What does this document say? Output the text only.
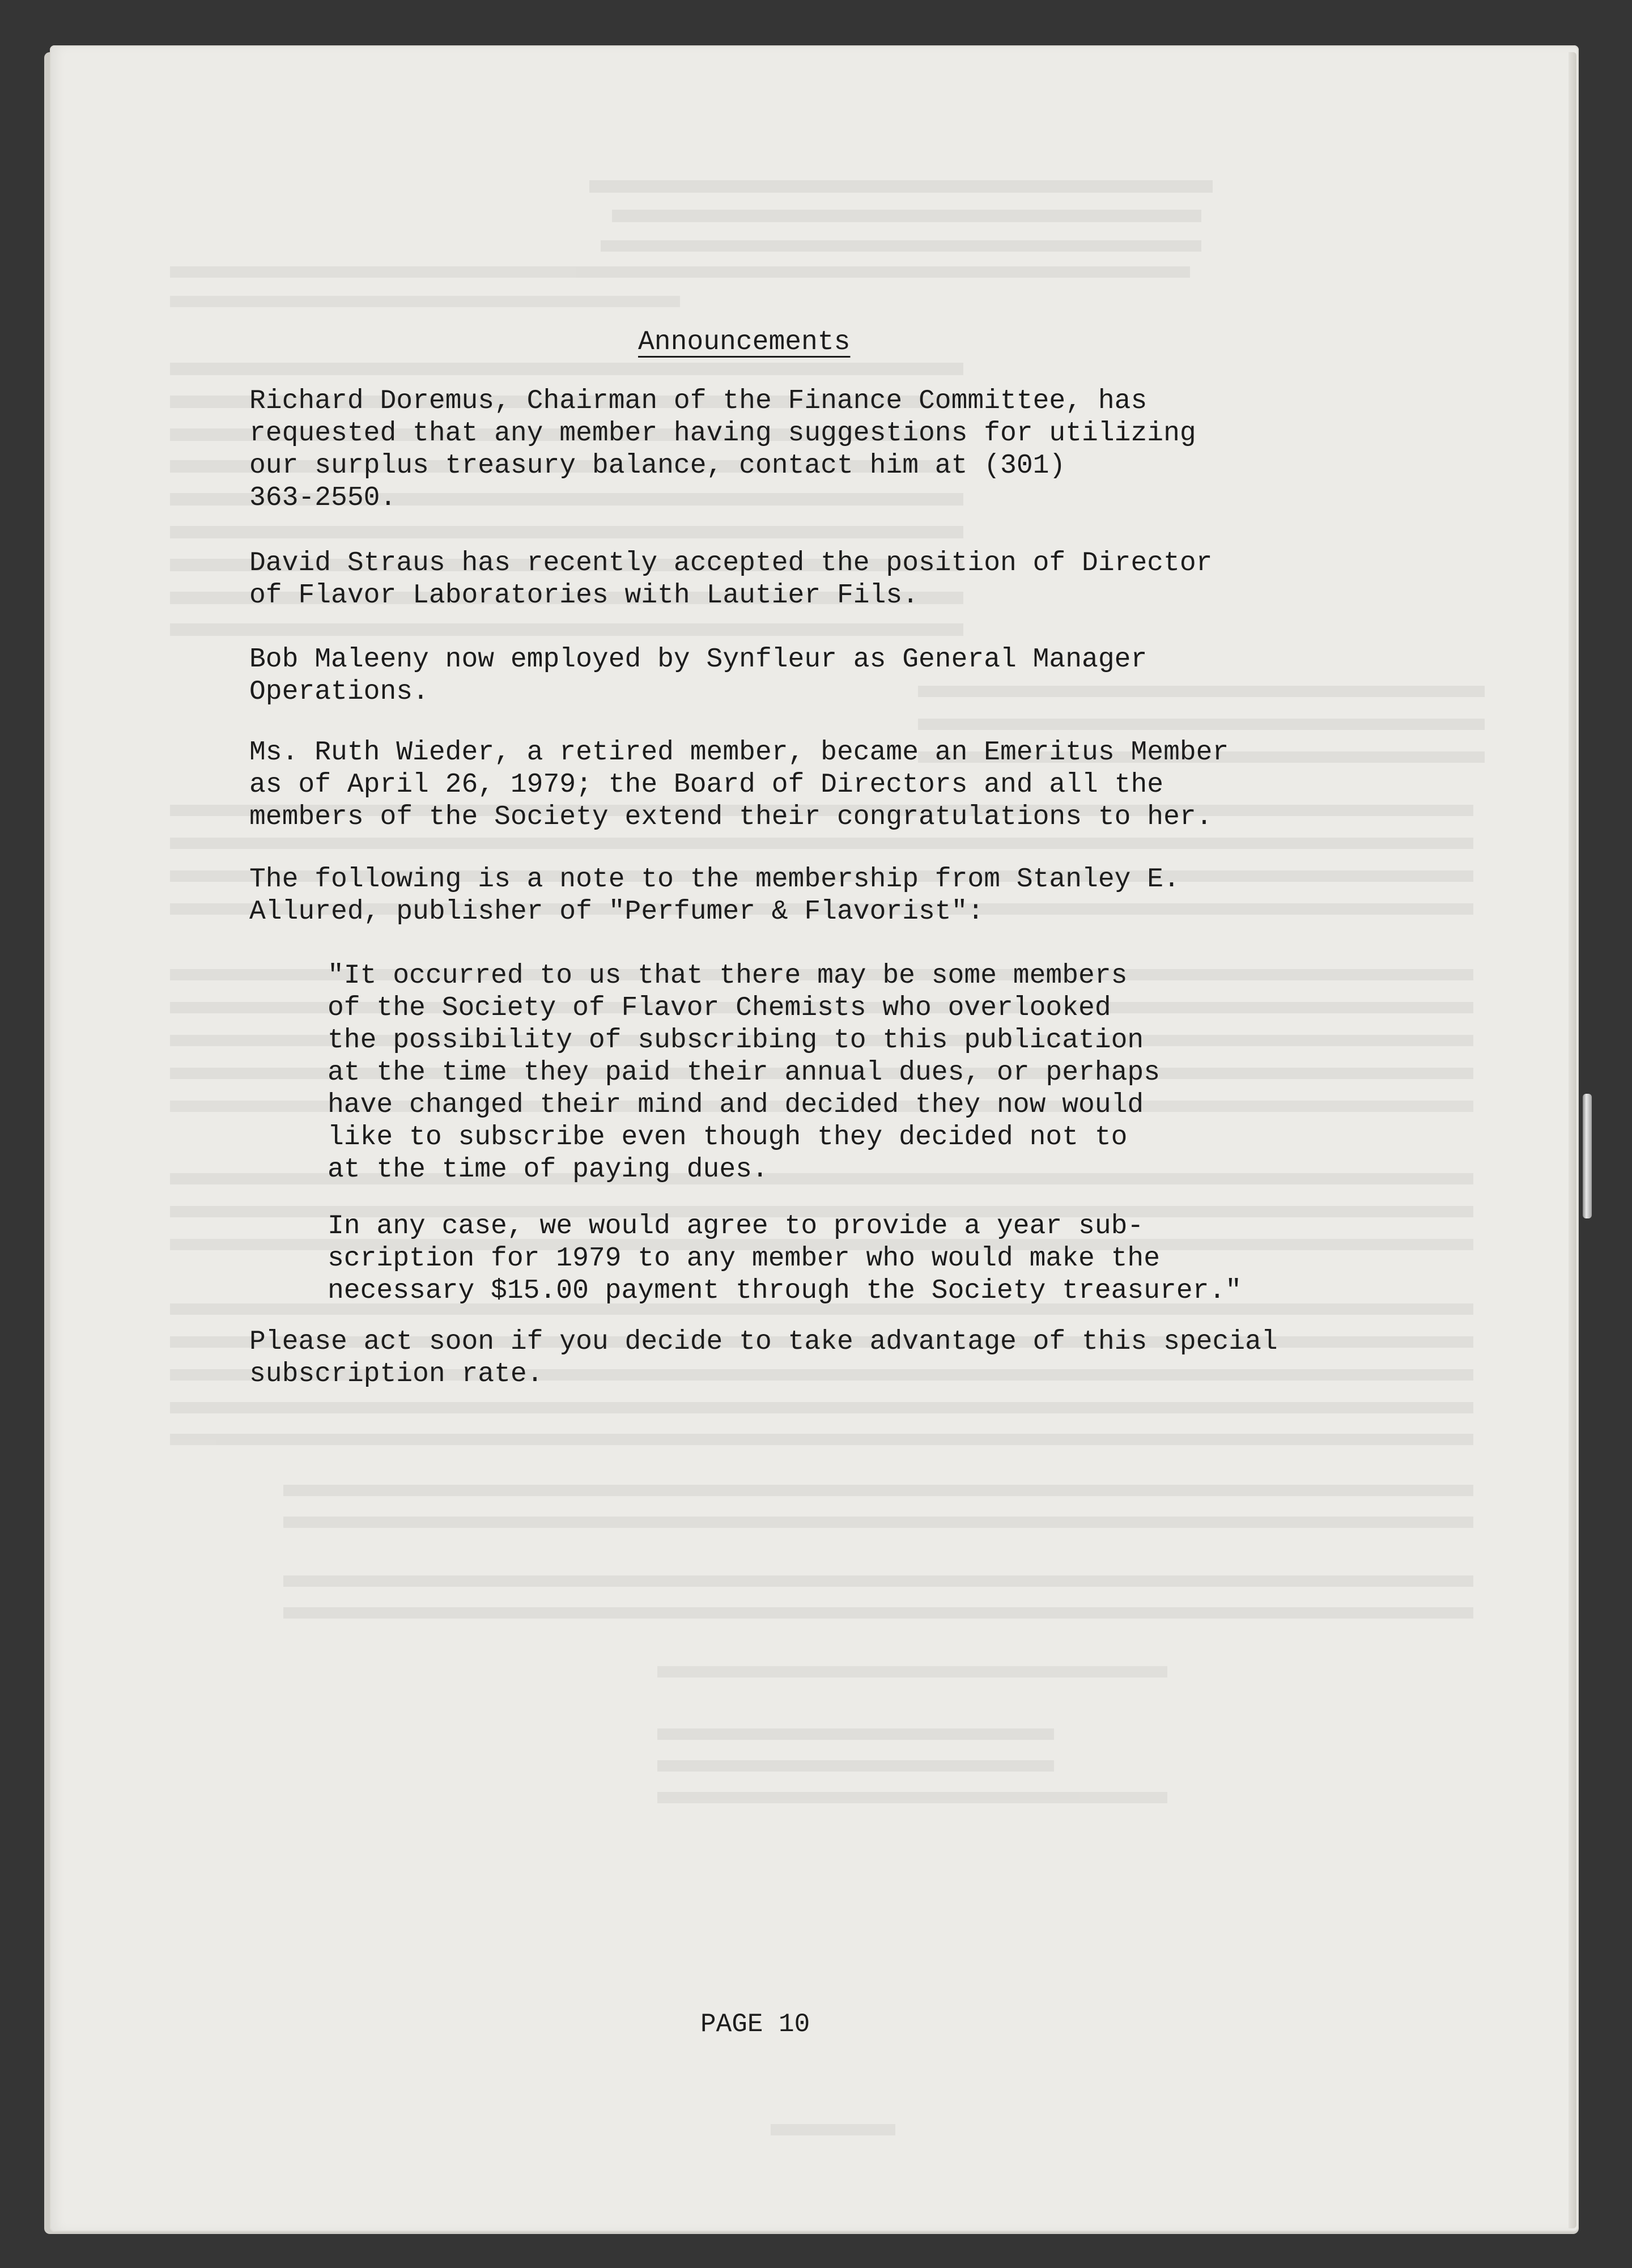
Announcements

Richard Doremus, Chairman of the Finance Committee, has
requested that any member having suggestions for utilizing
our surplus treasury balance, contact him at (301)
363-2550.

David Straus has recently accepted the position of Director
of Flavor Laboratories with Lautier Fils.

Bob Maleeny now employed by Synfleur as General Manager
Operations.

Ms. Ruth Wieder, a retired member, became an Emeritus Member
as of April 26, 1979; the Board of Directors and all the
members of the Society extend their congratulations to her.

The following is a note to the membership from Stanley E.
Allured, publisher of "Perfumer & Flavorist":

"It occurred to us that there may be some members
of the Society of Flavor Chemists who overlooked
the possibility of subscribing to this publication
at the time they paid their annual dues, or perhaps
have changed their mind and decided they now would
like to subscribe even though they decided not to
at the time of paying dues.

In any case, we would agree to provide a year sub-
scription for 1979 to any member who would make the
necessary $15.00 payment through the Society treasurer."

Please act soon if you decide to take advantage of this special
subscription rate.

PAGE 10
